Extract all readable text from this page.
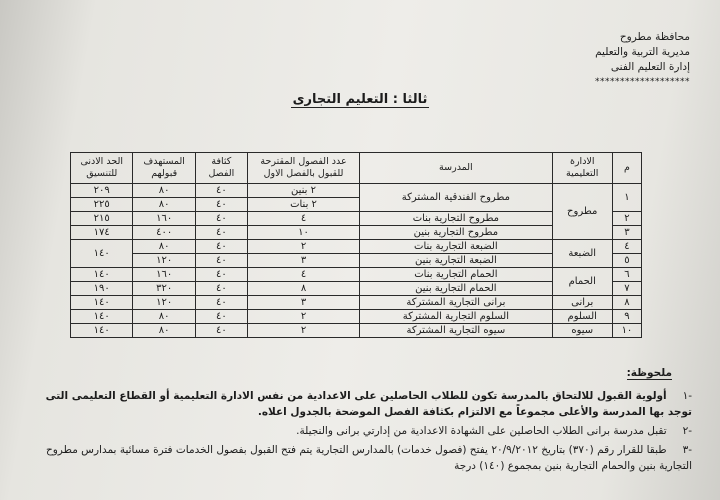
محافظة مطروح
مديرية التربية والتعليم
إدارة التعليم الفنى
*******************
ثالثا : التعليم التجارى
م	الادارة التعليمية	المدرسة	عدد الفصول المقترحة للقبول بالفصل الاول	كثافة الفصل	المستهدف قبولهم	الحد الادنى للتنسيق
١	مطروح	مطروح الفندقية المشتركة	٢ بنين	٤٠	٨٠	٢٠٩
			٢ بنات	٤٠	٨٠	٢٢٥
٢		مطروح التجارية بنات	٤	٤٠	١٦٠	٢١٥
٣		مطروح التجارية بنين	١٠	٤٠	٤٠٠	١٧٤
٤	الضبعة	الضبعة التجارية بنات	٢	٤٠	٨٠	١٤٠
٥		الضبعة التجارية بنين	٣	٤٠	١٢٠	
٦	الحمام	الحمام التجارية بنات	٤	٤٠	١٦٠	١٤٠
٧		الحمام التجارية بنين	٨	٤٠	٣٢٠	١٩٠
٨	برانى	برانى التجارية المشتركة	٣	٤٠	١٢٠	١٤٠
٩	السلوم	السلوم التجارية المشتركة	٢	٤٠	٨٠	١٤٠
١٠	سيوه	سيوه التجارية المشتركة	٢	٤٠	٨٠	١٤٠
ملحوظة:
-١ أولوية القبول للالتحاق بالمدرسة تكون للطلاب الحاصلين على الاعدادية من نفس الادارة التعليمية أو القطاع التعليمى التى توجد بها المدرسة والأعلى مجموعاً مع الالتزام بكثافة الفصل الموضحة بالجدول اعلاه.
-٢ تقبل مدرسة برانى الطلاب الحاصلين على الشهادة الاعدادية من إدارتي برانى والنجيلة.
-٣ طبقا للقرار رقم (٣٧٠) بتاريخ ٢٠/٩/٢٠١٢ يفتح (فصول خدمات) بالمدارس التجارية يتم فتح القبول بفصول الخدمات فترة مسائية بمدارس مطروح التجارية بنين والحمام التجارية بنين بمجموع (١٤٠) درجة
